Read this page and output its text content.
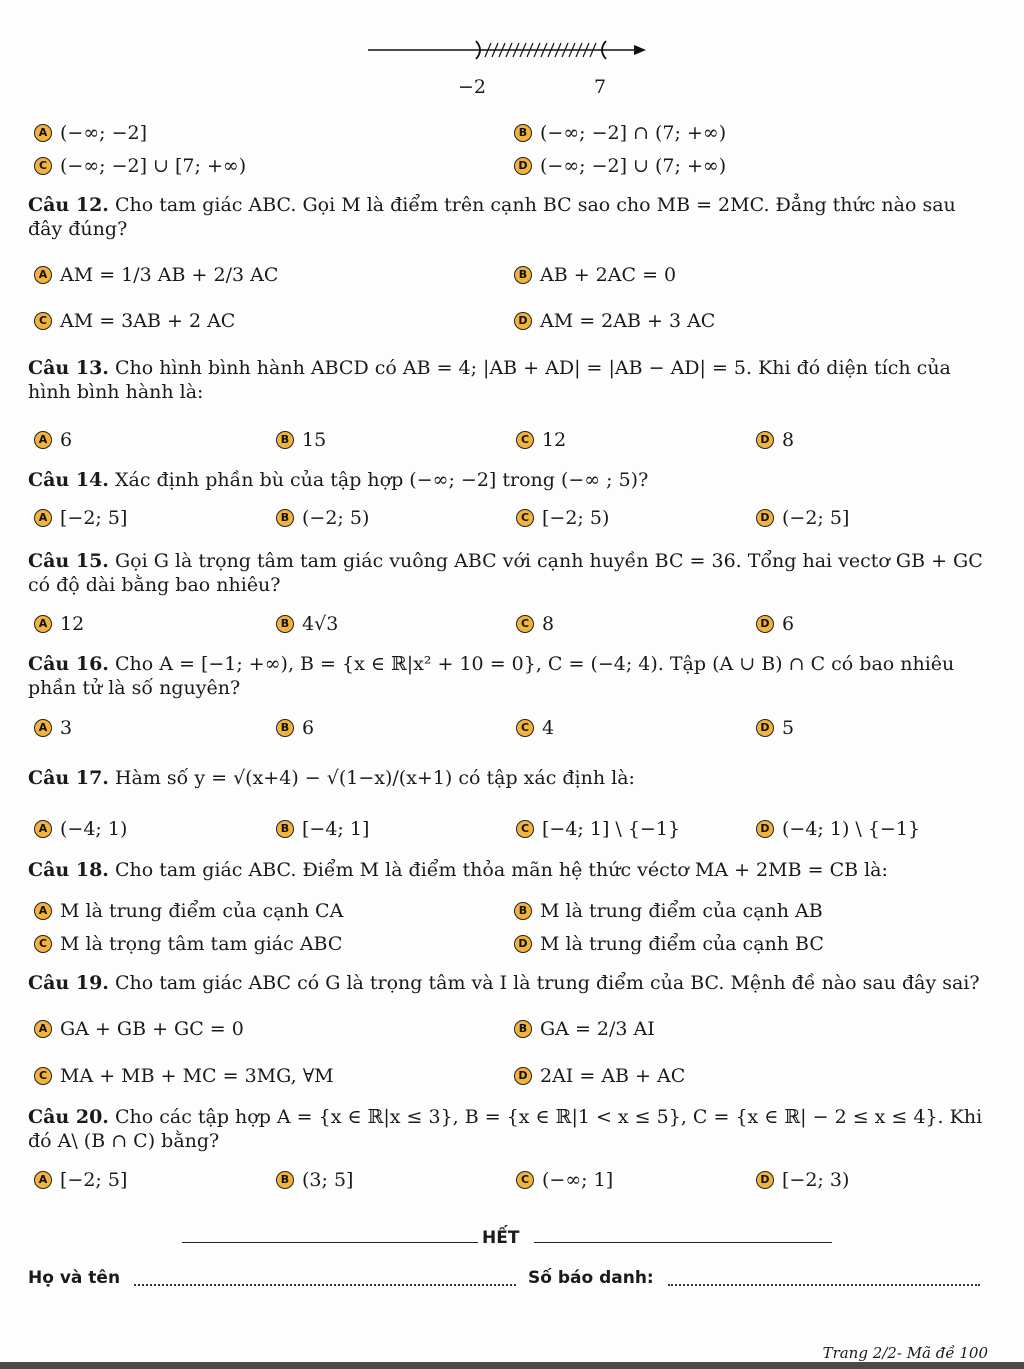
−2	7
A (−∞; −2]	B (−∞; −2] ∩ (7; +∞)
C (−∞; −2] ∪ [7; +∞)	D (−∞; −2] ∪ (7; +∞)
Câu 12. Cho tam giác ABC. Gọi M là điểm trên cạnh BC sao cho MB = 2MC. Đẳng thức nào sau đây đúng?
A AM = 1/3 AB + 2/3 AC	B AB + 2AC = 0
C AM = 3AB + 2 AC	D AM = 2AB + 3 AC
Câu 13. Cho hình bình hành ABCD có AB = 4; |AB + AD| = |AB − AD| = 5. Khi đó diện tích của hình bình hành là:
A 6	B 15	C 12	D 8
Câu 14. Xác định phần bù của tập hợp (−∞; −2] trong (−∞ ; 5)?
A [−2; 5]	B (−2; 5)	C [−2; 5)	D (−2; 5]
Câu 15. Gọi G là trọng tâm tam giác vuông ABC với cạnh huyền BC = 36. Tổng hai vectơ GB + GC có độ dài bằng bao nhiêu?
A 12	B 4√3	C 8	D 6
Câu 16. Cho A = [−1; +∞), B = {x ∈ ℝ|x² + 10 = 0}, C = (−4; 4). Tập (A ∪ B) ∩ C có bao nhiêu phần tử là số nguyên?
A 3	B 6	C 4	D 5
Câu 17. Hàm số y = √(x+4) − √(1−x)/(x+1) có tập xác định là:
A (−4; 1)	B [−4; 1]	C [−4; 1] \ {−1}	D (−4; 1) \ {−1}
Câu 18. Cho tam giác ABC. Điểm M là điểm thỏa mãn hệ thức véctơ MA + 2MB = CB là:
A M là trung điểm của cạnh CA	B M là trung điểm của cạnh AB
C M là trọng tâm tam giác ABC	D M là trung điểm của cạnh BC
Câu 19. Cho tam giác ABC có G là trọng tâm và I là trung điểm của BC. Mệnh đề nào sau đây sai?
A GA + GB + GC = 0	B GA = 2/3 AI
C MA + MB + MC = 3MG, ∀M	D 2AI = AB + AC
Câu 20. Cho các tập hợp A = {x ∈ ℝ|x ≤ 3}, B = {x ∈ ℝ|1 < x ≤ 5}, C = {x ∈ ℝ| − 2 ≤ x ≤ 4}. Khi đó A\ (B ∩ C) bằng?
A [−2; 5]	B (3; 5]	C (−∞; 1]	D [−2; 3)
HẾT
Họ và tên	Số báo danh:
Trang 2/2- Mã đề 100
